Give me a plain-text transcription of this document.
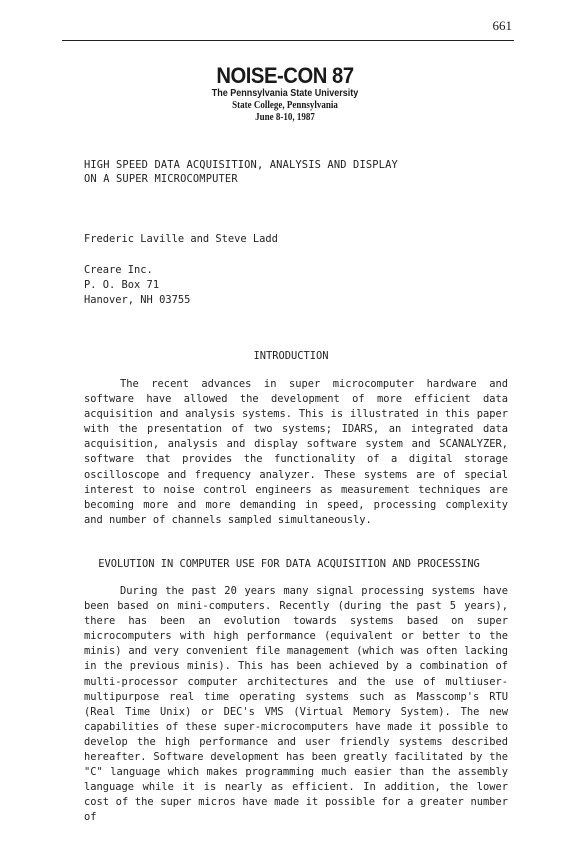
661
NOISE-CON 87
The Pennsylvania State University
State College, Pennsylvania
June 8-10, 1987
HIGH SPEED DATA ACQUISITION, ANALYSIS AND DISPLAY
ON A SUPER MICROCOMPUTER
Frederic Laville and Steve Ladd
Creare Inc.
P. O. Box 71
Hanover, NH 03755
INTRODUCTION

The recent advances in super microcomputer hardware and software have allowed the development of more efficient data acquisition and analysis systems. This is illustrated in this paper with the presentation of two systems; IDARS, an integrated data acquisition, analysis and display software system and SCANALYZER, software that provides the functionality of a digital storage oscilloscope and frequency analyzer. These systems are of special interest to noise control engineers as measurement techniques are becoming more and more demanding in speed, processing complexity and number of channels sampled simultaneously.

EVOLUTION IN COMPUTER USE FOR DATA ACQUISITION AND PROCESSING

During the past 20 years many signal processing systems have been based on mini-computers. Recently (during the past 5 years), there has been an evolution towards systems based on super microcomputers with high performance (equivalent or better to the minis) and very convenient file management (which was often lacking in the previous minis). This has been achieved by a combination of multi-processor computer architectures and the use of multiuser-multipurpose real time operating systems such as Masscomp's RTU (Real Time Unix) or DEC's VMS (Virtual Memory System). The new capabilities of these super-microcomputers have made it possible to develop the high performance and user friendly systems described hereafter. Software development has been greatly facilitated by the "C" language which makes programming much easier than the assembly language while it is nearly as efficient. In addition, the lower cost of the super micros have made it possible for a greater number of
